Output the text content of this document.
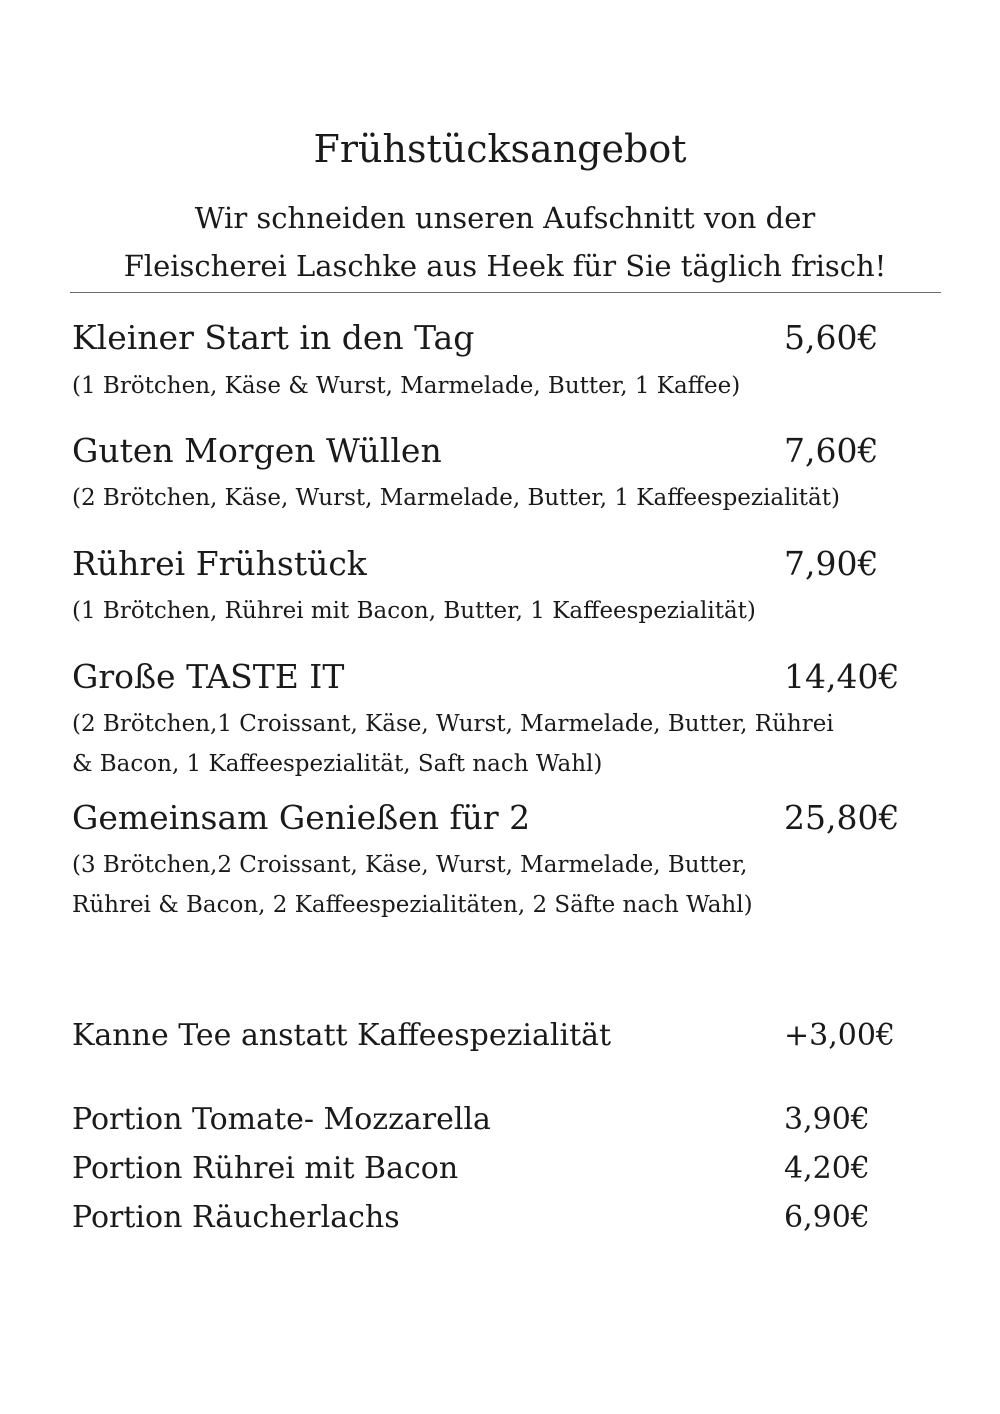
Frühstücksangebot
Wir schneiden unseren Aufschnitt von der
Fleischerei Laschke aus Heek für Sie täglich frisch!
Kleiner Start in den Tag	5,60€
(1 Brötchen, Käse & Wurst, Marmelade, Butter, 1 Kaffee)
Guten Morgen Wüllen	7,60€
(2 Brötchen, Käse, Wurst, Marmelade, Butter, 1 Kaffeespezialität)
Rührei Frühstück	7,90€
(1 Brötchen, Rührei mit Bacon, Butter, 1 Kaffeespezialität)
Große TASTE IT	14,40€
(2 Brötchen,1 Croissant, Käse, Wurst, Marmelade, Butter, Rührei
& Bacon, 1 Kaffeespezialität, Saft nach Wahl)
Gemeinsam Genießen für 2	25,80€
(3 Brötchen,2 Croissant, Käse, Wurst, Marmelade, Butter,
Rührei & Bacon, 2 Kaffeespezialitäten, 2 Säfte nach Wahl)
Kanne Tee anstatt Kaffeespezialität	+3,00€
Portion Tomate- Mozzarella	3,90€
Portion Rührei mit Bacon	4,20€
Portion Räucherlachs	6,90€
